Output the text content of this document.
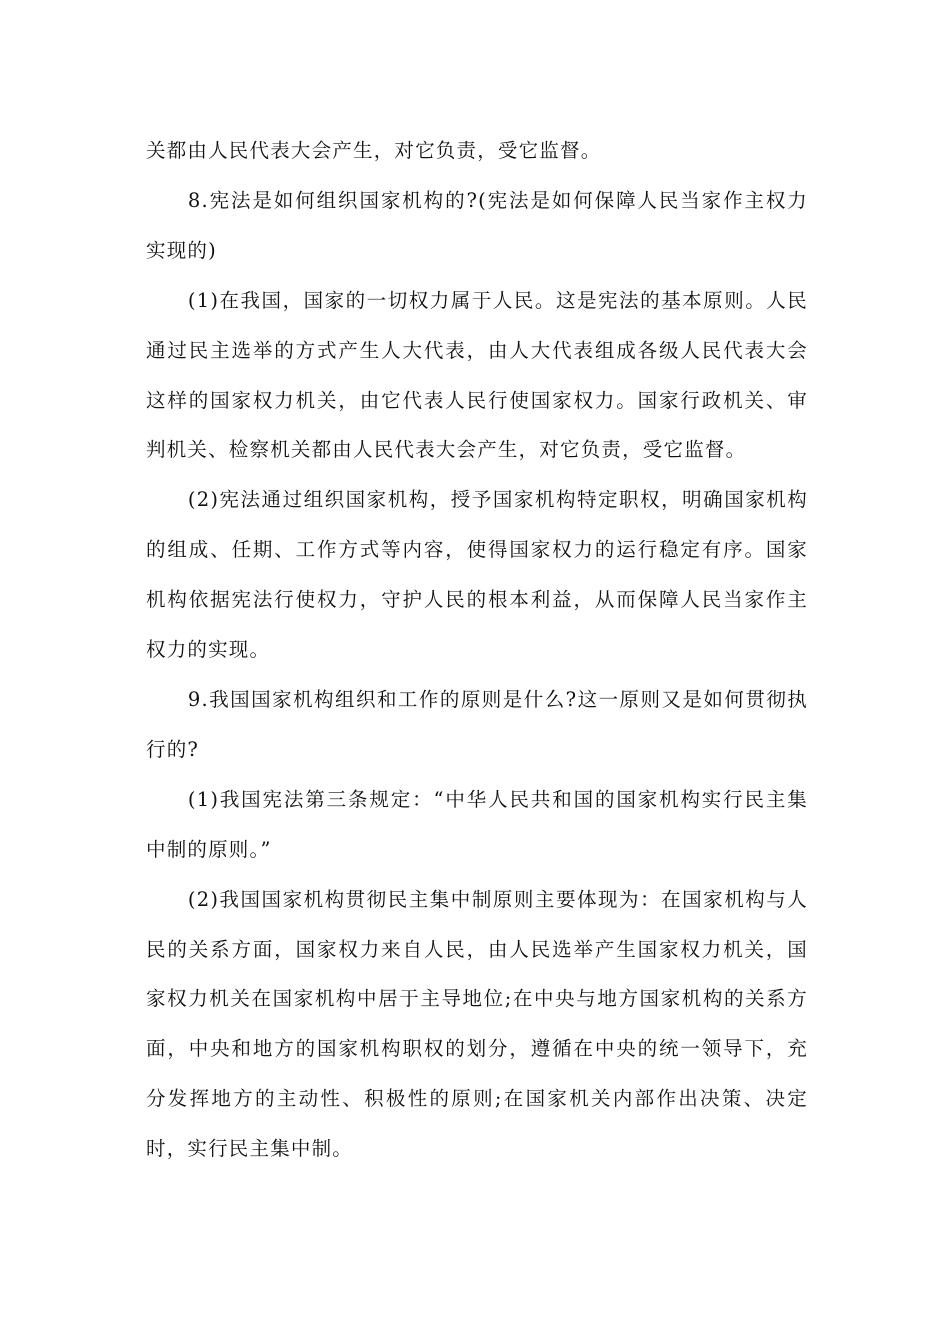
关都由人民代表大会产生，对它负责，受它监督。

8.宪法是如何组织国家机构的?(宪法是如何保障人民当家作主权力实现的)

(1)在我国，国家的一切权力属于人民。这是宪法的基本原则。人民通过民主选举的方式产生人大代表，由人大代表组成各级人民代表大会这样的国家权力机关，由它代表人民行使国家权力。国家行政机关、审判机关、检察机关都由人民代表大会产生，对它负责，受它监督。

(2)宪法通过组织国家机构，授予国家机构特定职权，明确国家机构的组成、任期、工作方式等内容，使得国家权力的运行稳定有序。国家机构依据宪法行使权力，守护人民的根本利益，从而保障人民当家作主权力的实现。

9.我国国家机构组织和工作的原则是什么?这一原则又是如何贯彻执行的?

(1)我国宪法第三条规定：“中华人民共和国的国家机构实行民主集中制的原则。”

(2)我国国家机构贯彻民主集中制原则主要体现为：在国家机构与人民的关系方面，国家权力来自人民，由人民选举产生国家权力机关，国家权力机关在国家机构中居于主导地位;在中央与地方国家机构的关系方面，中央和地方的国家机构职权的划分，遵循在中央的统一领导下，充分发挥地方的主动性、积极性的原则;在国家机关内部作出决策、决定时，实行民主集中制。
